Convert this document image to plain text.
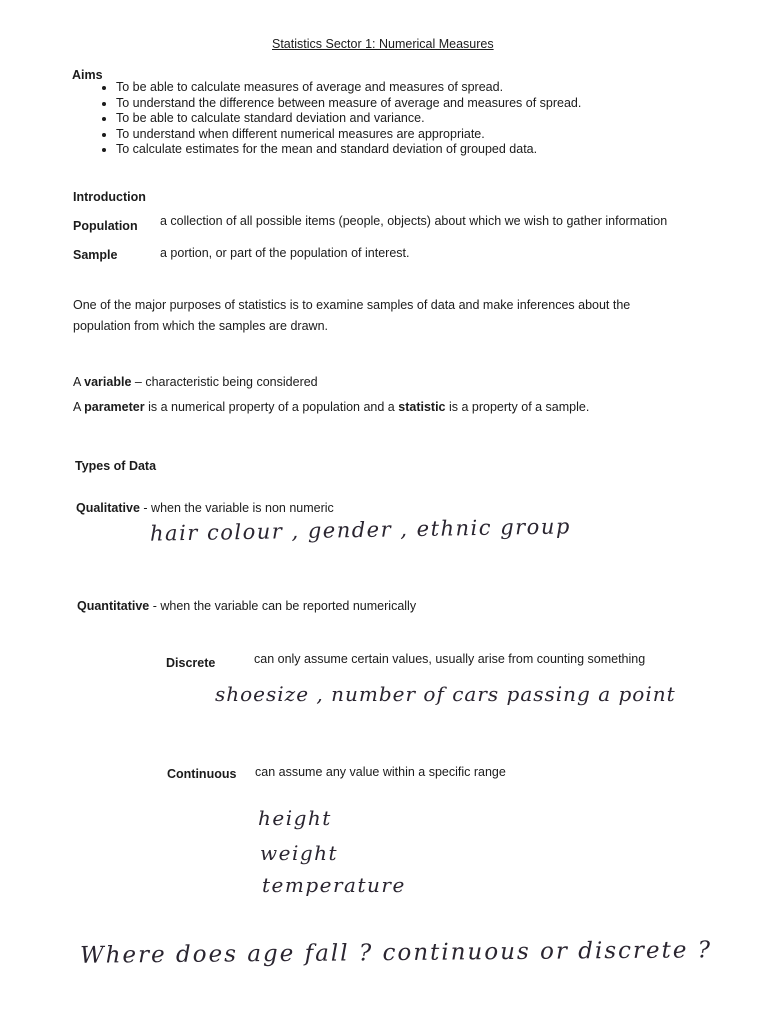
Statistics Sector 1: Numerical Measures
Aims
• To be able to calculate measures of average and measures of spread.
• To understand the difference between measure of average and measures of spread.
• To be able to calculate standard deviation and variance.
• To understand when different numerical measures are appropriate.
• To calculate estimates for the mean and standard deviation of grouped data.
Introduction
Population a collection of all possible items (people, objects) about which we wish to gather information
Sample	a portion, or part of the population of interest.
One of the major purposes of statistics is to examine samples of data and make inferences about the
population from which the samples are drawn.
A variable – characteristic being considered
A parameter is a numerical property of a population and a statistic is a property of a sample.
Types of Data
Qualitative - when the variable is non numeric
hair colour , gender , ethnic group
Quantitative - when the variable can be reported numerically
Discrete	can only assume certain values, usually arise from counting something
shoesize , number of cars passing a point
Continuous can assume any value within a specific range
height
weight
temperature
Where does age fall ? continuous or discrete ?
